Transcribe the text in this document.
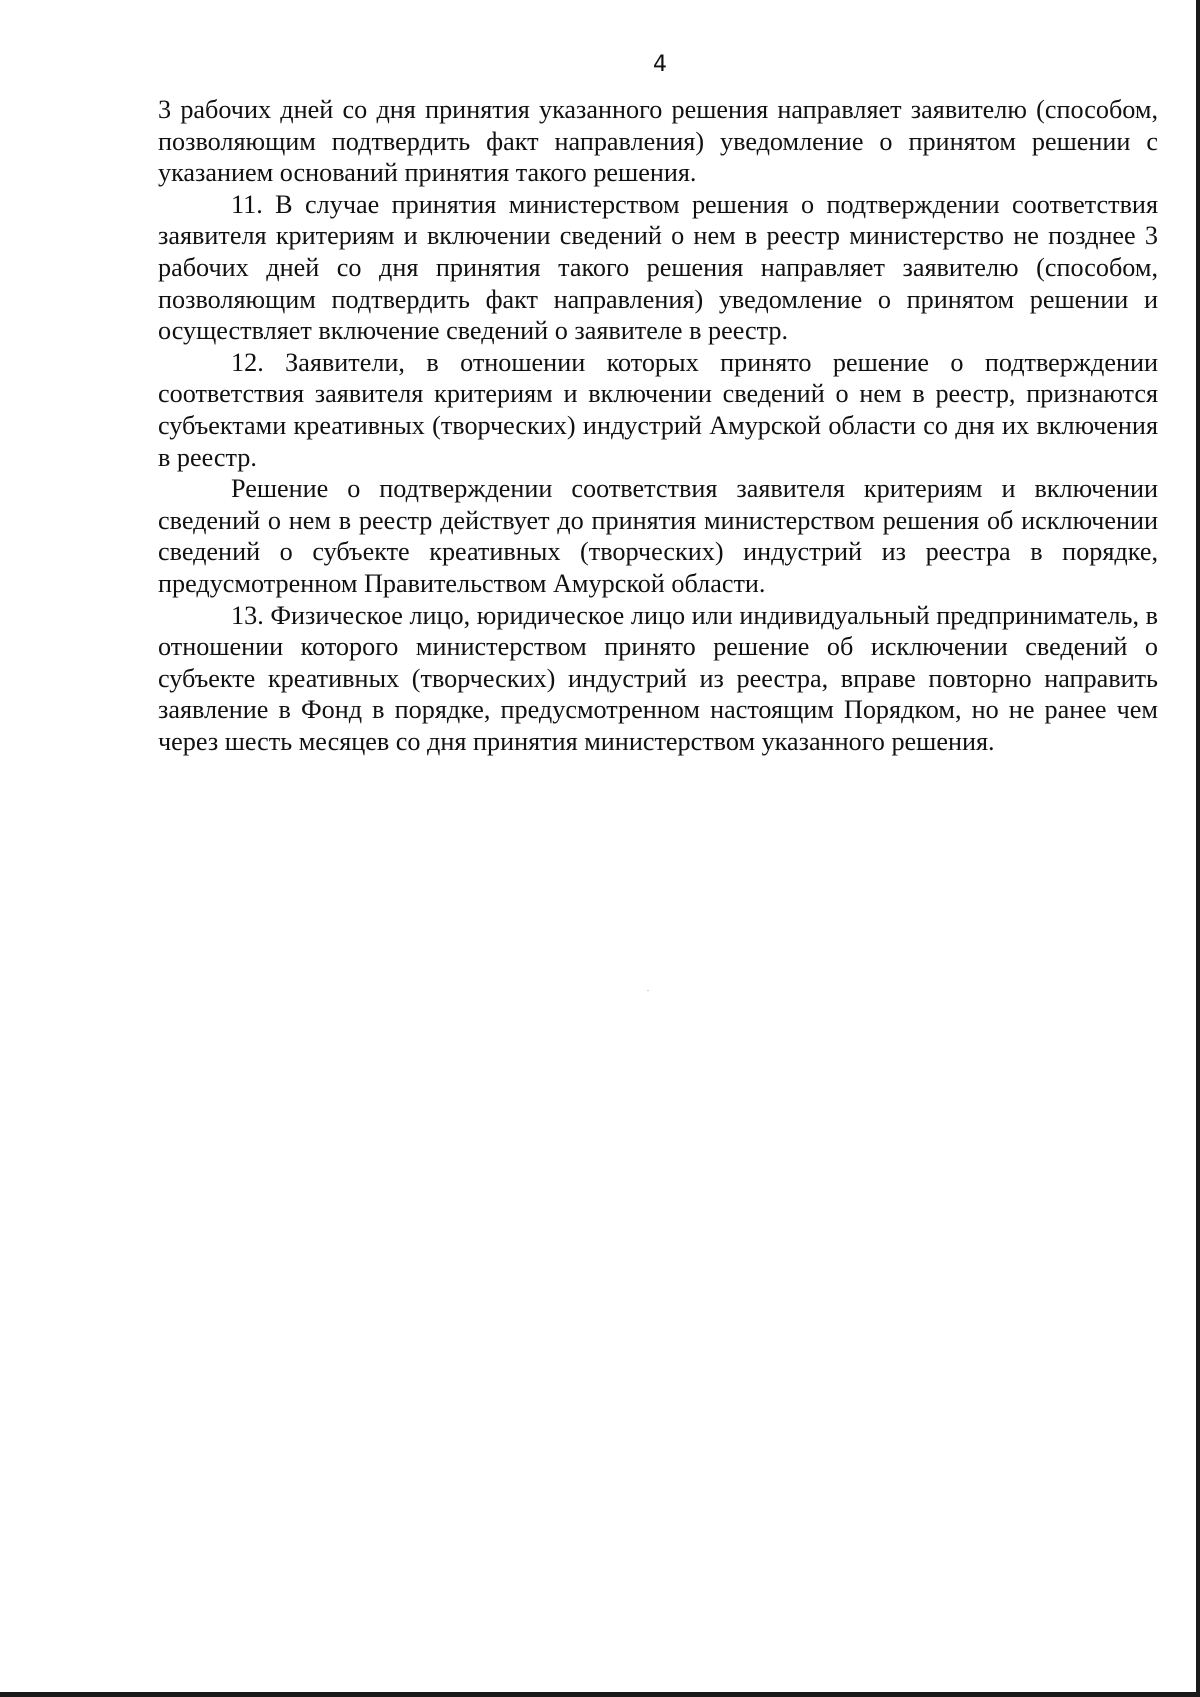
4

3 рабочих дней со дня принятия указанного решения направляет заявителю (способом, позволяющим подтвердить факт направления) уведомление о принятом решении с указанием оснований принятия такого решения.

11. В случае принятия министерством решения о подтверждении соответствия заявителя критериям и включении сведений о нем в реестр министерство не позднее 3 рабочих дней со дня принятия такого решения направляет заявителю (способом, позволяющим подтвердить факт направления) уведомление о принятом решении и осуществляет включение сведений о заявителе в реестр.

12. Заявители, в отношении которых принято решение о подтверждении соответствия заявителя критериям и включении сведений о нем в реестр, признаются субъектами креативных (творческих) индустрий Амурской области со дня их включения в реестр.

Решение о подтверждении соответствия заявителя критериям и включении сведений о нем в реестр действует до принятия министерством решения об исключении сведений о субъекте креативных (творческих) индустрий из реестра в порядке, предусмотренном Правительством Амурской области.

13. Физическое лицо, юридическое лицо или индивидуальный предприниматель, в отношении которого министерством принято решение об исключении сведений о субъекте креативных (творческих) индустрий из реестра, вправе повторно направить заявление в Фонд в порядке, предусмотренном настоящим Порядком, но не ранее чем через шесть месяцев со дня принятия министерством указанного решения.
